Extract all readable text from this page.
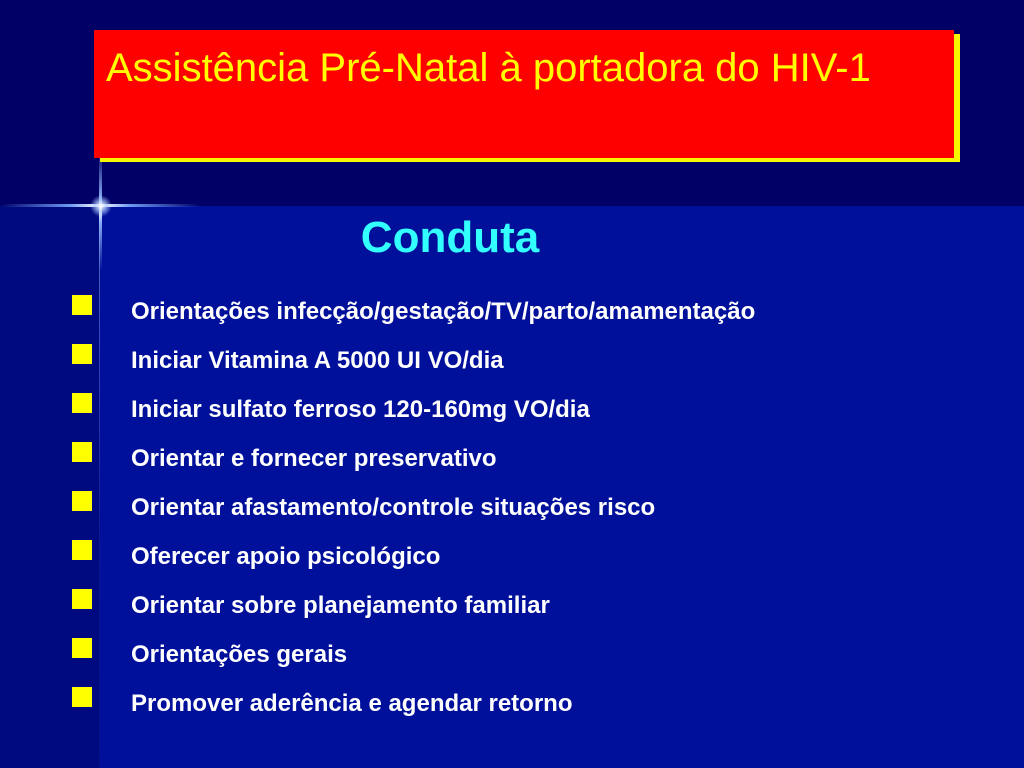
Assistência Pré-Natal à portadora do HIV-1
Conduta
Orientações infecção/gestação/TV/parto/amamentação
Iniciar Vitamina A 5000 UI VO/dia
Iniciar sulfato ferroso 120-160mg VO/dia
Orientar e fornecer preservativo
Orientar afastamento/controle situações risco
Oferecer apoio psicológico
Orientar sobre planejamento familiar
Orientações gerais
Promover aderência e agendar retorno
